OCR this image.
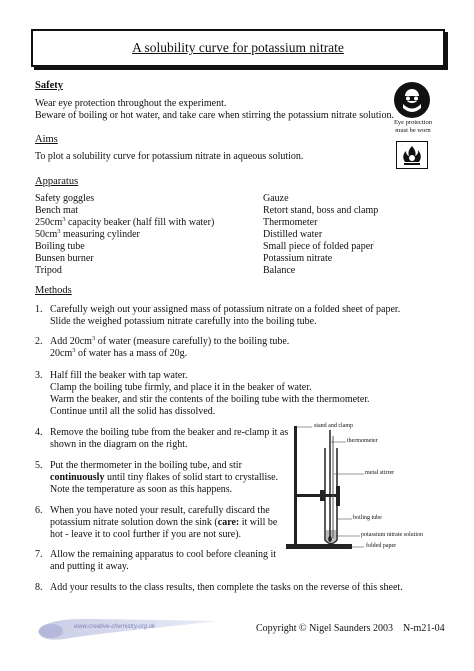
A solubility curve for potassium nitrate
Safety
Wear eye protection throughout the experiment.
Beware of boiling or hot water, and take care when stirring the potassium nitrate solution.
Eye protection
must be worn
Aims
To plot a solubility curve for potassium nitrate in aqueous solution.
Apparatus
Safety goggles
Bench mat
$250cm^3$ capacity beaker (half fill with water)
$50cm^3$ measuring cylinder
Boiling tube
Bunsen burner
Tripod
Gauze
Retort stand, boss and clamp
Thermometer
Distilled water
Small piece of folded paper
Potassium nitrate
Balance
Methods
1. Carefully weigh out your assigned mass of potassium nitrate on a folded sheet of paper.
Slide the weighed potassium nitrate carefully into the boiling tube.
2. Add $20cm^3$ of water (measure carefully) to the boiling tube.
$20cm^3$ of water has a mass of 20g.
3. Half fill the beaker with tap water.
Clamp the boiling tube firmly, and place it in the beaker of water.
Warm the beaker, and stir the contents of the boiling tube with the thermometer.
Continue until all the solid has dissolved.
4. Remove the boiling tube from the beaker and re-clamp it as
shown in the diagram on the right.
5. Put the thermometer in the boiling tube, and stir
continuously until tiny flakes of solid start to crystallise.
Note the temperature as soon as this happens.
6. When you have noted your result, carefully discard the
potassium nitrate solution down the sink (care: it will be
hot - leave it to cool further if you are not sure).
7. Allow the remaining apparatus to cool before cleaning it
and putting it away.
8. Add your results to the class results, then complete the tasks on the reverse of this sheet.
stand and clamp
thermometer
metal stirrer
boiling tube
potassium nitrate solution
folded paper
www.creative-chemistry.org.uk	Copyright © Nigel Saunders 2003 N-m21-04
